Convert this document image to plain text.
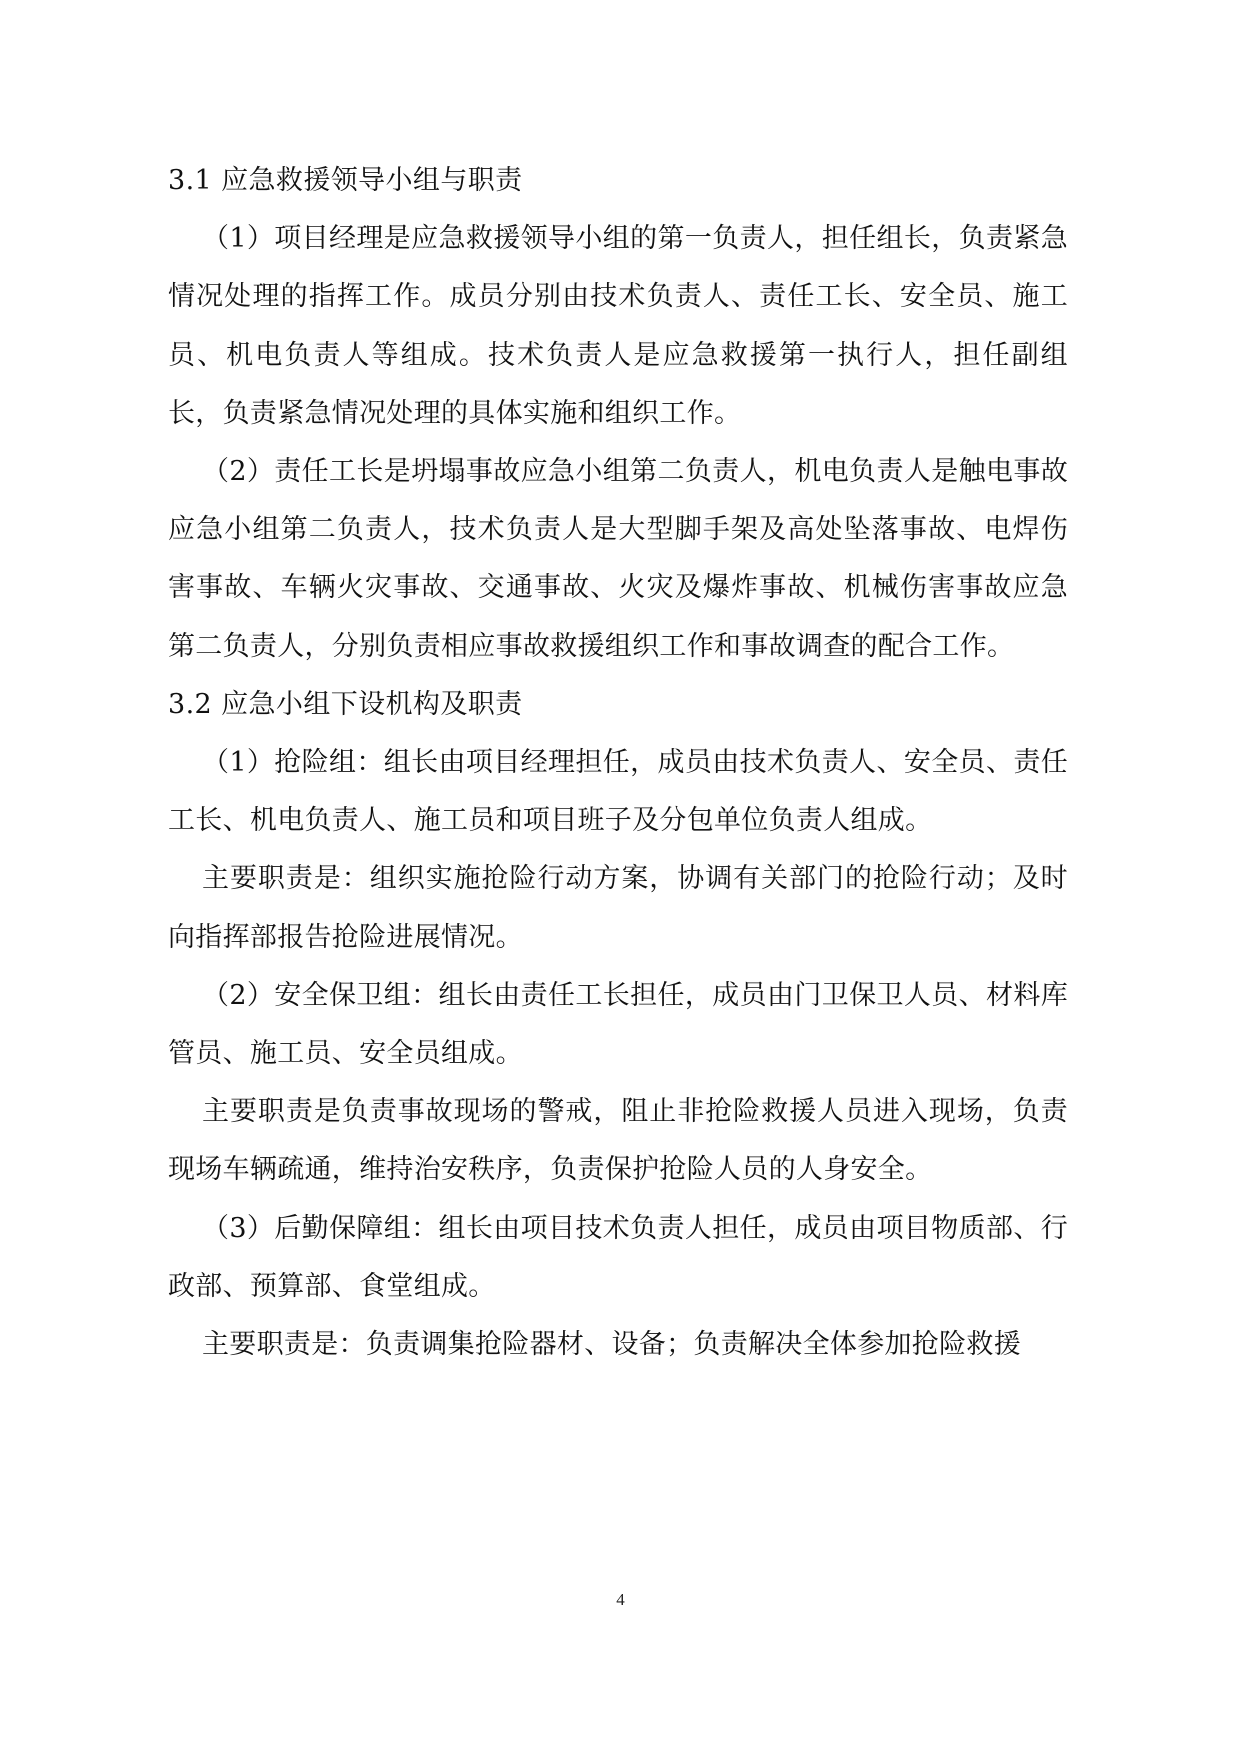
3.1 应急救援领导小组与职责

（1）项目经理是应急救援领导小组的第一负责人，担任组长，负责紧急情况处理的指挥工作。成员分别由技术负责人、责任工长、安全员、施工员、机电负责人等组成。技术负责人是应急救援第一执行人，担任副组长，负责紧急情况处理的具体实施和组织工作。

（2）责任工长是坍塌事故应急小组第二负责人，机电负责人是触电事故应急小组第二负责人，技术负责人是大型脚手架及高处坠落事故、电焊伤害事故、车辆火灾事故、交通事故、火灾及爆炸事故、机械伤害事故应急第二负责人，分别负责相应事故救援组织工作和事故调查的配合工作。

3.2 应急小组下设机构及职责

（1）抢险组：组长由项目经理担任，成员由技术负责人、安全员、责任工长、机电负责人、施工员和项目班子及分包单位负责人组成。

主要职责是：组织实施抢险行动方案，协调有关部门的抢险行动；及时向指挥部报告抢险进展情况。

（2）安全保卫组：组长由责任工长担任，成员由门卫保卫人员、材料库管员、施工员、安全员组成。

主要职责是负责事故现场的警戒，阻止非抢险救援人员进入现场，负责现场车辆疏通，维持治安秩序，负责保护抢险人员的人身安全。

（3）后勤保障组：组长由项目技术负责人担任，成员由项目物质部、行政部、预算部、食堂组成。

主要职责是：负责调集抢险器材、设备；负责解决全体参加抢险救援

4
